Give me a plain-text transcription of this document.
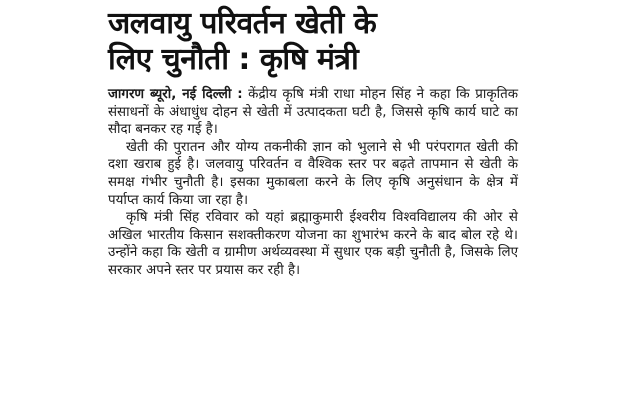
जलवायु परिवर्तन खेती के
लिए चुनौती : कृषि मंत्री

जागरण ब्यूरो, नई दिल्ली : केंद्रीय कृषि मंत्री राधा मोहन सिंह ने कहा कि प्राकृतिक संसाधनों के अंधाधुंध दोहन से खेती में उत्पादकता घटी है, जिससे कृषि कार्य घाटे का सौदा बनकर रह गई है।

खेती की पुरातन और योग्य तकनीकी ज्ञान को भुलाने से भी परंपरागत खेती की दशा खराब हुई है। जलवायु परिवर्तन व वैश्विक स्तर पर बढ़ते तापमान से खेती के समक्ष गंभीर चुनौती है। इसका मुकाबला करने के लिए कृषि अनुसंधान के क्षेत्र में पर्याप्त कार्य किया जा रहा है।

कृषि मंत्री सिंह रविवार को यहां ब्रह्माकुमारी ईश्वरीय विश्वविद्यालय की ओर से अखिल भारतीय किसान सशक्तीकरण योजना का शुभारंभ करने के बाद बोल रहे थे। उन्होंने कहा कि खेती व ग्रामीण अर्थव्यवस्था में सुधार एक बड़ी चुनौती है, जिसके लिए सरकार अपने स्तर पर प्रयास कर रही है।
